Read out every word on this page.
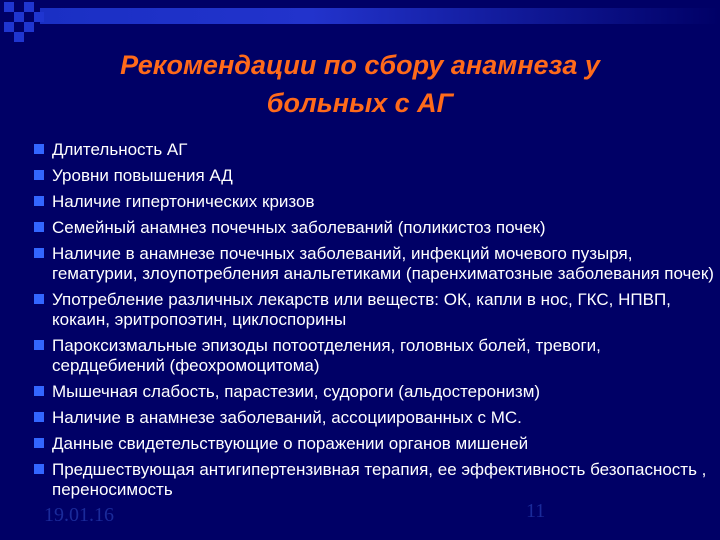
Рекомендации по сбору анамнеза у
больных с АГ
Длительность АГ
Уровни повышения АД
Наличие гипертонических кризов
Семейный анамнез почечных заболеваний (поликистоз почек)
Наличие в анамнезе почечных заболеваний, инфекций мочевого пузыря, гематурии, злоупотребления анальгетиками (паренхиматозные заболевания почек)
Употребление различных лекарств или веществ: ОК, капли в нос, ГКС, НПВП, кокаин, эритропоэтин, циклоспорины
Пароксизмальные эпизоды потоотделения, головных болей, тревоги, сердцебиений (феохромоцитома)
Мышечная слабость, парастезии, судороги (альдостеронизм)
Наличие в анамнезе заболеваний, ассоциированных с МС.
Данные свидетельствующие о поражении органов мишеней
Предшествующая антигипертензивная терапия, ее эффективность безопасность , переносимость
19.01.16	11
